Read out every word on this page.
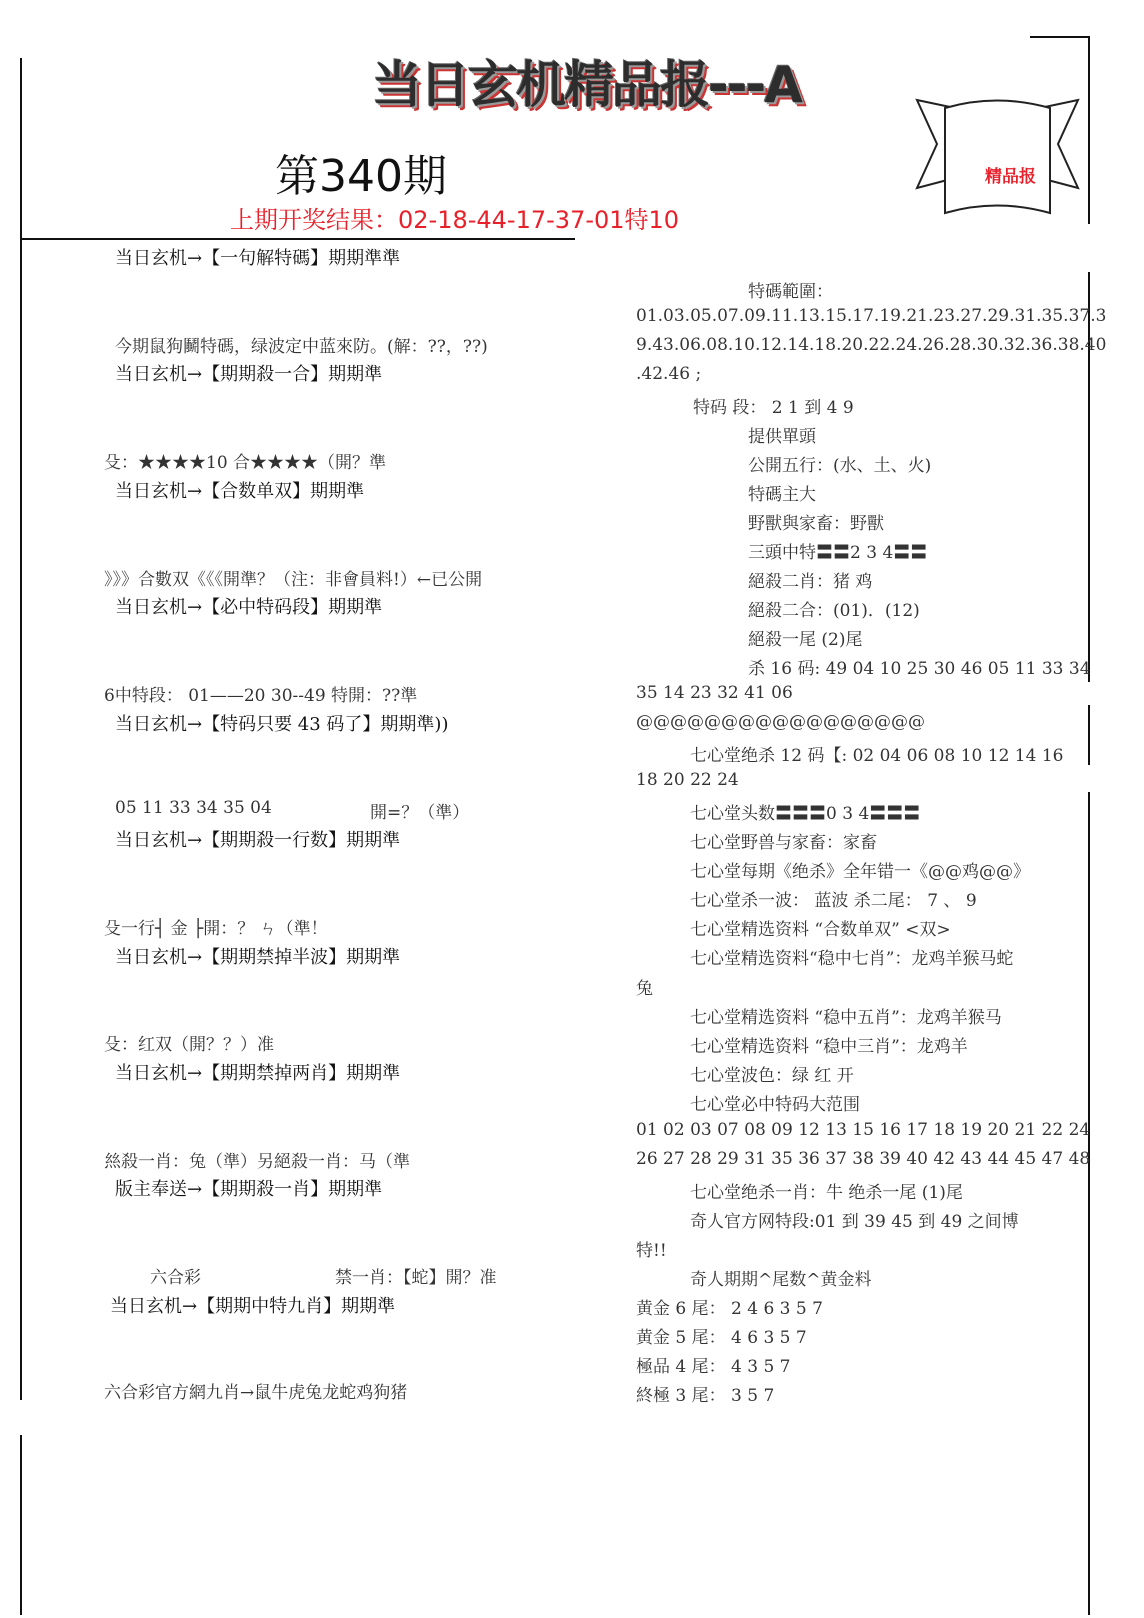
当日玄机精品报---A
第340期
上期开奖结果：02-18-44-17-37-01特10
精品报
当日玄机→【一句解特碼】期期準準
今期鼠狗鬭特碼，绿波定中蓝來防。(解：??，??)
当日玄机→【期期殺一合】期期準
殳：★★★★10 合★★★★（開？準
当日玄机→【合数单双】期期準
》》》合數双《《《開準？（注：非會員料!）←已公開
当日玄机→【必中特码段】期期準
6中特段： 01——20 30--49 特開：??準
当日玄机→【特码只要 43 码了】期期準))
05 11 33 34 35 04	開=？（準）
当日玄机→【期期殺一行数】期期準
殳一行┤ 金 ├開：？ ㄣ（準！
当日玄机→【期期禁掉半波】期期準
殳：红双（開？？）准
当日玄机→【期期禁掉两肖】期期準
𢇁殺一肖：兔（準）另絕殺一肖：马（準
版主奉送→【期期殺一肖】期期準
六合彩	禁一肖：【蛇】開？准
当日玄机→【期期中特九肖】期期準
六合彩官方網九肖→鼠牛虎兔龙蛇鸡狗猪
特碼範圍：
01.03.05.07.09.11.13.15.17.19.21.23.27.29.31.35.37.3
9.43.06.08.10.12.14.18.20.22.24.26.28.30.32.36.38.40
.42.46 ;
特码 段： 2 1 到 4 9
提供單頭
公開五行：(水、土、火)
特碼主大
野獸與家畜：野獸
三頭中特〓〓2 3 4〓〓
絕殺二肖：猪 鸡
絕殺二合：(01)．(12)
絕殺一尾 (2)尾
杀 16 码: 49 04 10 25 30 46 05 11 33 34
35 14 23 32 41 06
@@@@@@@@@@@@@@@@@
七心堂绝杀 12 码【: 02 04 06 08 10 12 14 16
18 20 22 24
七心堂头数〓〓〓0 3 4〓〓〓
七心堂野兽与家畜：家畜
七心堂每期《绝杀》全年错一《@@鸡@@》
七心堂杀一波： 蓝波 杀二尾： 7 、 9
七心堂精选资料 “合数单双” <双>
七心堂精选资料“稳中七肖”：龙鸡羊猴马蛇
兔
七心堂精选资料 “稳中五肖”：龙鸡羊猴马
七心堂精选资料 “稳中三肖”：龙鸡羊
七心堂波色：绿 红 开
七心堂必中特码大范围
01 02 03 07 08 09 12 13 15 16 17 18 19 20 21 22 24
26 27 28 29 31 35 36 37 38 39 40 42 43 44 45 47 48
七心堂绝杀一肖：牛 绝杀一尾 (1)尾
奇人官方网特段:01 到 39 45 到 49 之间博
特!!
奇人期期^尾数^黄金料
黄金 6 尾： 2 4 6 3 5 7
黄金 5 尾： 4 6 3 5 7
極品 4 尾： 4 3 5 7
終極 3 尾： 3 5 7
